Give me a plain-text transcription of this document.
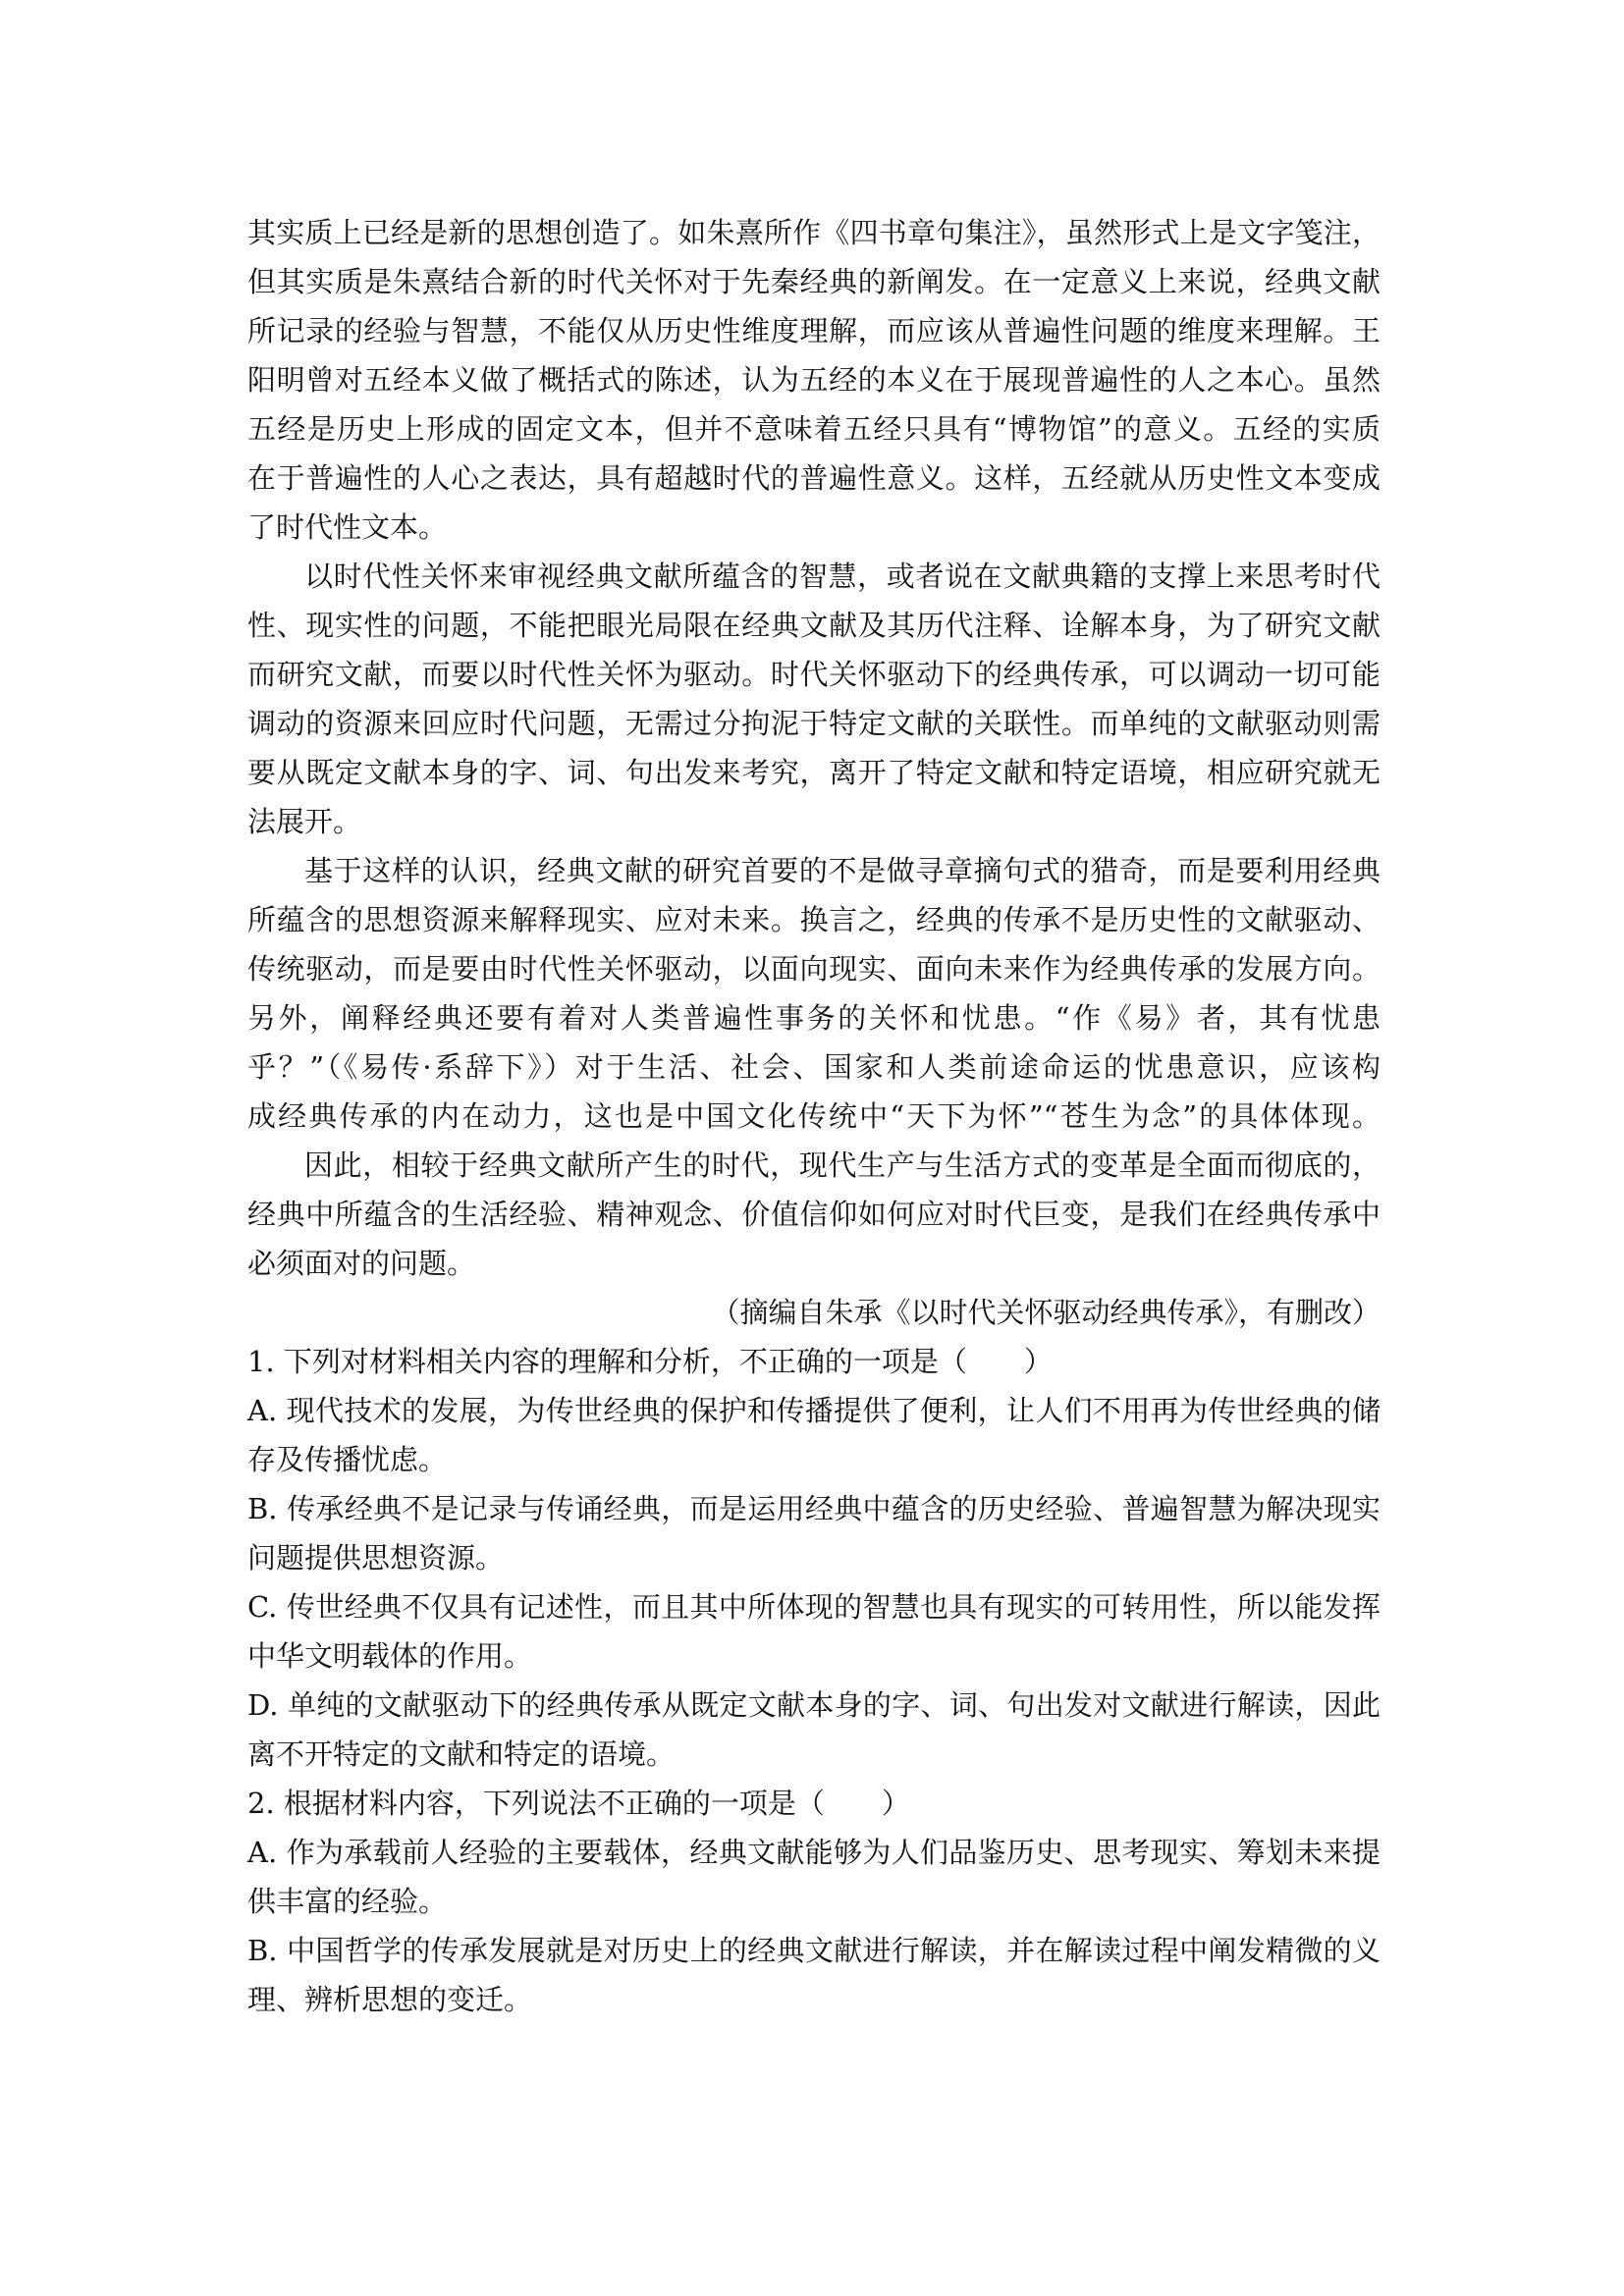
其实质上已经是新的思想创造了。如朱熹所作《四书章句集注》，虽然形式上是文字笺注，
但其实质是朱熹结合新的时代关怀对于先秦经典的新阐发。在一定意义上来说，经典文献
所记录的经验与智慧，不能仅从历史性维度理解，而应该从普遍性问题的维度来理解。王
阳明曾对五经本义做了概括式的陈述，认为五经的本义在于展现普遍性的人之本心。虽然
五经是历史上形成的固定文本，但并不意味着五经只具有“博物馆”的意义。五经的实质
在于普遍性的人心之表达，具有超越时代的普遍性意义。这样，五经就从历史性文本变成
了时代性文本。
以时代性关怀来审视经典文献所蕴含的智慧，或者说在文献典籍的支撑上来思考时代
性、现实性的问题，不能把眼光局限在经典文献及其历代注释、诠解本身，为了研究文献
而研究文献，而要以时代性关怀为驱动。时代关怀驱动下的经典传承，可以调动一切可能
调动的资源来回应时代问题，无需过分拘泥于特定文献的关联性。而单纯的文献驱动则需
要从既定文献本身的字、词、句出发来考究，离开了特定文献和特定语境，相应研究就无
法展开。
基于这样的认识，经典文献的研究首要的不是做寻章摘句式的猎奇，而是要利用经典
所蕴含的思想资源来解释现实、应对未来。换言之，经典的传承不是历史性的文献驱动、
传统驱动，而是要由时代性关怀驱动，以面向现实、面向未来作为经典传承的发展方向。
另外，阐释经典还要有着对人类普遍性事务的关怀和忧患。“作《易》者，其有忧患
乎？”（《易传·系辞下》）对于生活、社会、国家和人类前途命运的忧患意识，应该构
成经典传承的内在动力，这也是中国文化传统中“天下为怀”“苍生为念”的具体体现。
因此，相较于经典文献所产生的时代，现代生产与生活方式的变革是全面而彻底的，
经典中所蕴含的生活经验、精神观念、价值信仰如何应对时代巨变，是我们在经典传承中
必须面对的问题。
（摘编自朱承《以时代关怀驱动经典传承》，有删改）
1. 下列对材料相关内容的理解和分析，不正确的一项是（　　）
A. 现代技术的发展，为传世经典的保护和传播提供了便利，让人们不用再为传世经典的储
存及传播忧虑。
B. 传承经典不是记录与传诵经典，而是运用经典中蕴含的历史经验、普遍智慧为解决现实
问题提供思想资源。
C. 传世经典不仅具有记述性，而且其中所体现的智慧也具有现实的可转用性，所以能发挥
中华文明载体的作用。
D. 单纯的文献驱动下的经典传承从既定文献本身的字、词、句出发对文献进行解读，因此
离不开特定的文献和特定的语境。
2. 根据材料内容，下列说法不正确的一项是（　　）
A. 作为承载前人经验的主要载体，经典文献能够为人们品鉴历史、思考现实、筹划未来提
供丰富的经验。
B. 中国哲学的传承发展就是对历史上的经典文献进行解读，并在解读过程中阐发精微的义
理、辨析思想的变迁。
